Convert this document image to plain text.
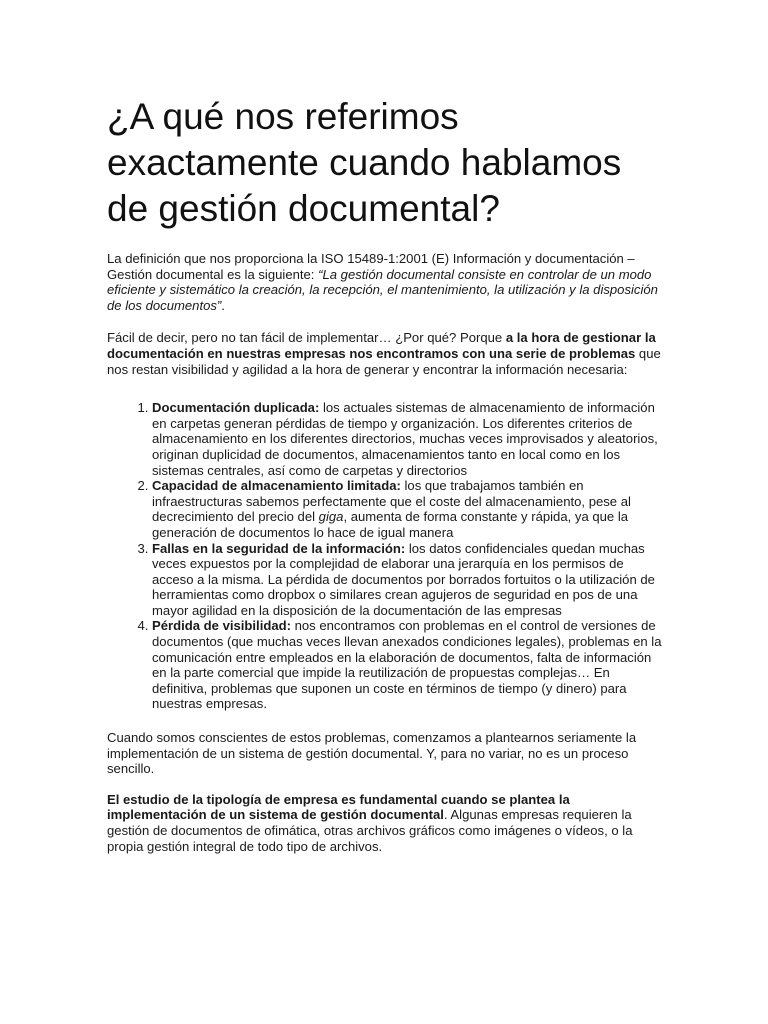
¿A qué nos referimos exactamente cuando hablamos de gestión documental?

La definición que nos proporciona la ISO 15489-1:2001 (E) Información y documentación – Gestión documental es la siguiente: “La gestión documental consiste en controlar de un modo eficiente y sistemático la creación, la recepción, el mantenimiento, la utilización y la disposición de los documentos”.

Fácil de decir, pero no tan fácil de implementar… ¿Por qué? Porque a la hora de gestionar la documentación en nuestras empresas nos encontramos con una serie de problemas que nos restan visibilidad y agilidad a la hora de generar y encontrar la información necesaria:

1. Documentación duplicada: los actuales sistemas de almacenamiento de información en carpetas generan pérdidas de tiempo y organización. Los diferentes criterios de almacenamiento en los diferentes directorios, muchas veces improvisados y aleatorios, originan duplicidad de documentos, almacenamientos tanto en local como en los sistemas centrales, así como de carpetas y directorios
2. Capacidad de almacenamiento limitada: los que trabajamos también en infraestructuras sabemos perfectamente que el coste del almacenamiento, pese al decrecimiento del precio del giga, aumenta de forma constante y rápida, ya que la generación de documentos lo hace de igual manera
3. Fallas en la seguridad de la información: los datos confidenciales quedan muchas veces expuestos por la complejidad de elaborar una jerarquía en los permisos de acceso a la misma. La pérdida de documentos por borrados fortuitos o la utilización de herramientas como dropbox o similares crean agujeros de seguridad en pos de una mayor agilidad en la disposición de la documentación de las empresas
4. Pérdida de visibilidad: nos encontramos con problemas en el control de versiones de documentos (que muchas veces llevan anexados condiciones legales), problemas en la comunicación entre empleados en la elaboración de documentos, falta de información en la parte comercial que impide la reutilización de propuestas complejas… En definitiva, problemas que suponen un coste en términos de tiempo (y dinero) para nuestras empresas.

Cuando somos conscientes de estos problemas, comenzamos a plantearnos seriamente la implementación de un sistema de gestión documental. Y, para no variar, no es un proceso sencillo.

El estudio de la tipología de empresa es fundamental cuando se plantea la implementación de un sistema de gestión documental. Algunas empresas requieren la gestión de documentos de ofimática, otras archivos gráficos como imágenes o vídeos, o la propia gestión integral de todo tipo de archivos.
